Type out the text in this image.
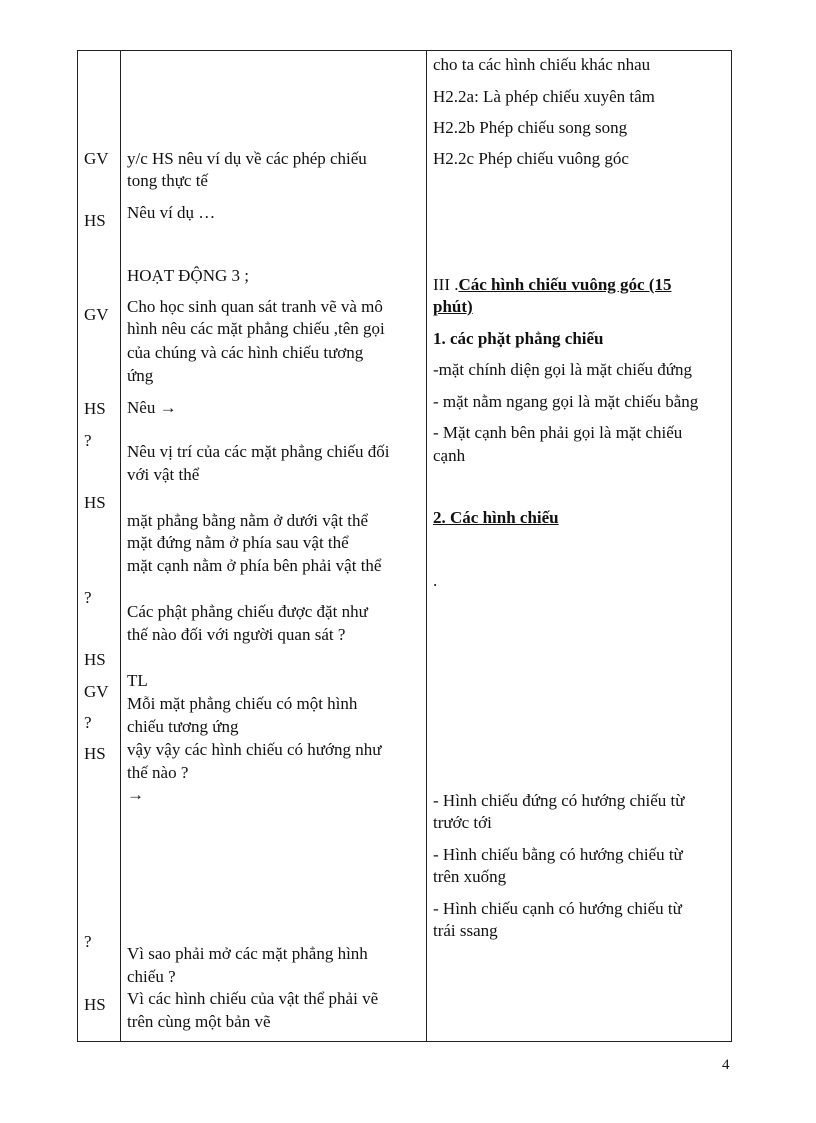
GV
HS
GV
HS
?
HS
?
HS
GV
?
HS
?
HS
y/c HS nêu ví dụ về các phép chiếu
tong thực tế
Nêu ví dụ …
HOẠT ĐỘNG 3 ;
Cho học sinh quan sát tranh vẽ và mô
hình nêu các mặt phẳng chiếu ,tên gọi
của chúng và các hình chiếu tương
ứng
Nêu →
Nêu vị trí của các mặt phẳng chiếu đối
với vật thể
mặt phẳng bằng nằm ở dưới vật thể
mặt đứng nằm ở phía sau vật thể
mặt cạnh nằm ở phía bên phải vật thể
Các phật phẳng chiếu được đặt như
thế nào đối với người quan sát ?
TL
Mỗi mặt phẳng chiếu có một hình
chiếu tương ứng
vậy vậy các hình chiếu có hướng như
thế nào ?
→
Vì sao phải mở các mặt phẳng hình
chiếu ?
Vì các hình chiếu của vật thể phải vẽ
trên cùng một bản vẽ
cho ta các hình chiếu khác nhau
H2.2a: Là phép chiếu xuyên tâm
H2.2b Phép chiếu song song
H2.2c Phép chiếu vuông góc
III .Các hình chiếu vuông góc (15
phút)
1. các phặt phẳng chiếu
-mặt chính diện gọi là mặt chiếu đứng
- mặt nằm ngang gọi là mặt chiếu bằng
- Mặt cạnh bên phải gọi là mặt chiếu
cạnh
2. Các hình chiếu
.
- Hình chiếu đứng có hướng chiếu từ
trước tới
- Hình chiếu bằng có hướng chiếu từ
trên xuống
- Hình chiếu cạnh có hướng chiếu từ
trái ssang
4
